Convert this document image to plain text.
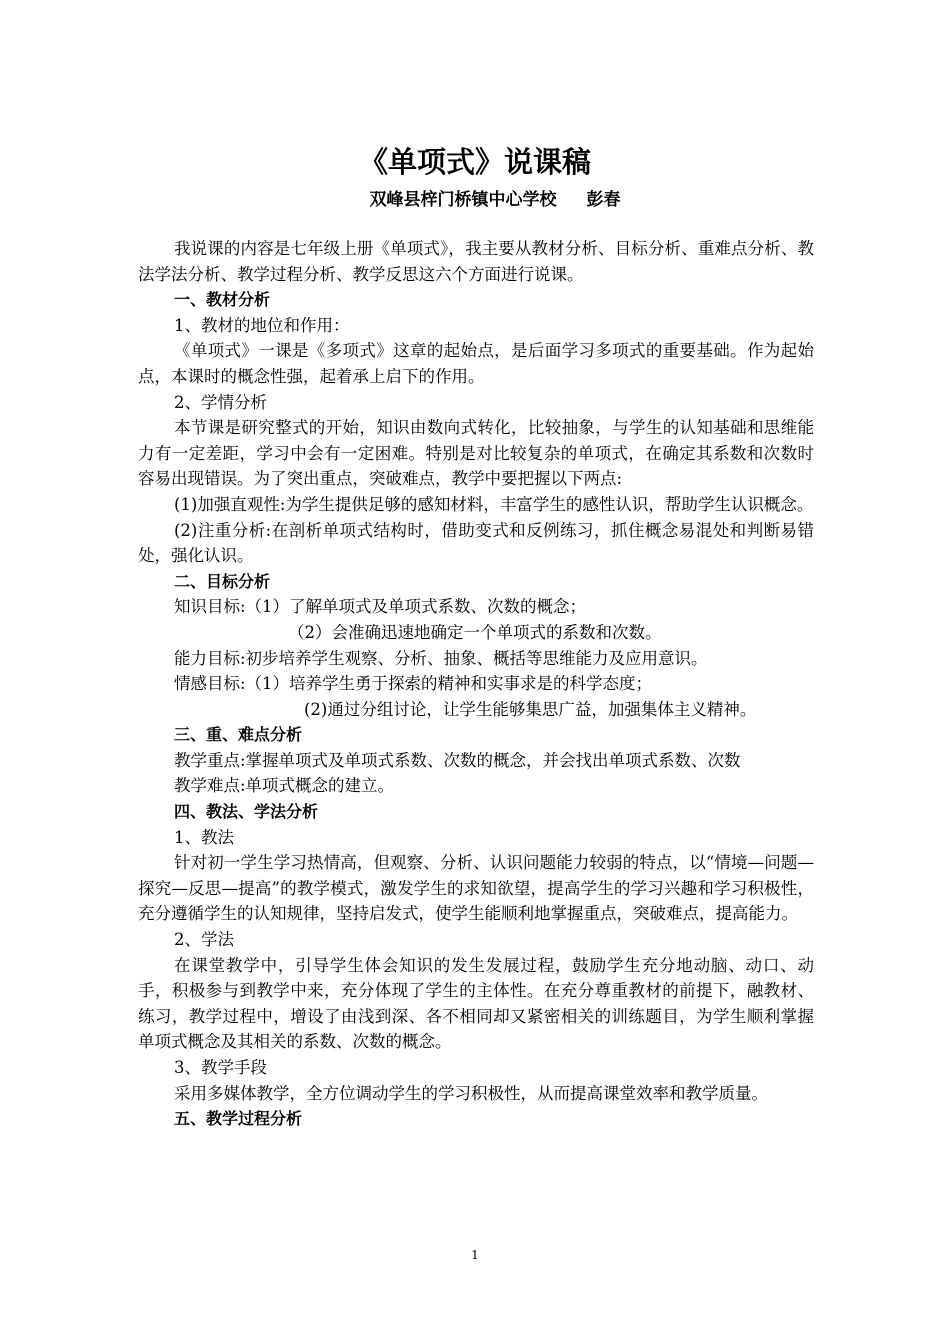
《单项式》说课稿
双峰县梓门桥镇中心学校 彭春

我说课的内容是七年级上册《单项式》，我主要从教材分析、目标分析、重难点分析、教法学法分析、教学过程分析、教学反思这六个方面进行说课。

一、教材分析

1、教材的地位和作用：

《单项式》一课是《多项式》这章的起始点，是后面学习多项式的重要基础。作为起始点，本课时的概念性强，起着承上启下的作用。

2、学情分析

本节课是研究整式的开始，知识由数向式转化，比较抽象，与学生的认知基础和思维能力有一定差距，学习中会有一定困难。特别是对比较复杂的单项式，在确定其系数和次数时容易出现错误。为了突出重点，突破难点，教学中要把握以下两点:

(1)加强直观性:为学生提供足够的感知材料，丰富学生的感性认识，帮助学生认识概念。

(2)注重分析:在剖析单项式结构时，借助变式和反例练习，抓住概念易混处和判断易错处，强化认识。

二、目标分析

知识目标:（1）了解单项式及单项式系数、次数的概念；

（2）会准确迅速地确定一个单项式的系数和次数。

能力目标:初步培养学生观察、分析、抽象、概括等思维能力及应用意识。

情感目标:（1）培养学生勇于探索的精神和实事求是的科学态度；

(2)通过分组讨论，让学生能够集思广益，加强集体主义精神。

三、重、难点分析

教学重点:掌握单项式及单项式系数、次数的概念，并会找出单项式系数、次数

教学难点:单项式概念的建立。

四、教法、学法分析

1、教法

针对初一学生学习热情高，但观察、分析、认识问题能力较弱的特点，以“情境—问题—探究—反思—提高”的教学模式，激发学生的求知欲望，提高学生的学习兴趣和学习积极性，充分遵循学生的认知规律，坚持启发式，使学生能顺利地掌握重点，突破难点，提高能力。

2、学法

在课堂教学中，引导学生体会知识的发生发展过程，鼓励学生充分地动脑、动口、动手，积极参与到教学中来，充分体现了学生的主体性。在充分尊重教材的前提下，融教材、练习，教学过程中，增设了由浅到深、各不相同却又紧密相关的训练题目，为学生顺利掌握单项式概念及其相关的系数、次数的概念。

3、教学手段

采用多媒体教学，全方位调动学生的学习积极性，从而提高课堂效率和教学质量。

五、教学过程分析

1
